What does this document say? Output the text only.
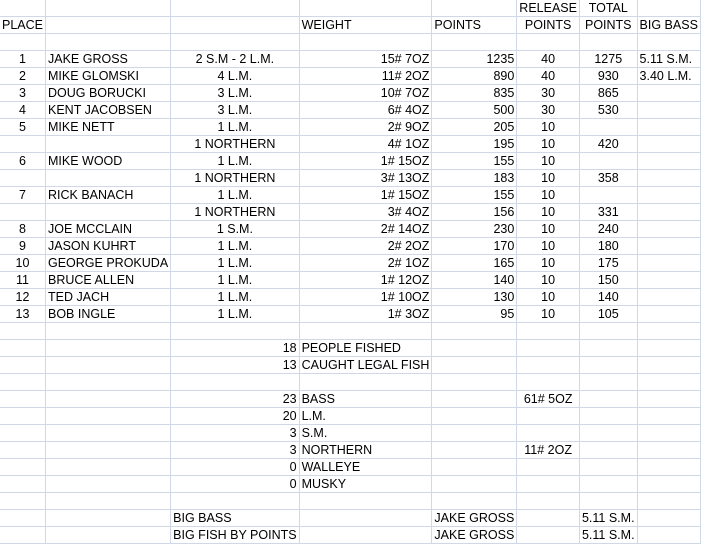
					RELEASE	TOTAL	
PLACE			WEIGHT	POINTS	POINTS	POINTS	BIG BASS

1	JAKE GROSS	2 S.M - 2 L.M.	15# 7OZ	1235	40	1275	5.11 S.M.
2	MIKE GLOMSKI	4 L.M.	11# 2OZ	890	40	930	3.40 L.M.
3	DOUG BORUCKI	3 L.M.	10# 7OZ	835	30	865	
4	KENT JACOBSEN	3 L.M.	6# 4OZ	500	30	530	
5	MIKE NETT	1 L.M.	2# 9OZ	205	10		
		1 NORTHERN	4# 1OZ	195	10	420	
6	MIKE WOOD	1 L.M.	1# 15OZ	155	10		
		1 NORTHERN	3# 13OZ	183	10	358	
7	RICK BANACH	1 L.M.	1# 15OZ	155	10		
		1 NORTHERN	3# 4OZ	156	10	331	
8	JOE MCCLAIN	1 S.M.	2# 14OZ	230	10	240	
9	JASON KUHRT	1 L.M.	2# 2OZ	170	10	180	
10	GEORGE PROKUDA	1 L.M.	2# 1OZ	165	10	175	
11	BRUCE ALLEN	1 L.M.	1# 12OZ	140	10	150	
12	TED JACH	1 L.M.	1# 10OZ	130	10	140	
13	BOB INGLE	1 L.M.	1# 3OZ	95	10	105	

		18	PEOPLE FISHED				
		13	CAUGHT LEGAL FISH				

		23	BASS		61# 5OZ		
		20	L.M.				
		3	S.M.				
		3	NORTHERN		11# 2OZ		
		0	WALLEYE				
		0	MUSKY				

		BIG BASS		JAKE GROSS		5.11 S.M.	
		BIG FISH BY POINTS		JAKE GROSS		5.11 S.M.	
